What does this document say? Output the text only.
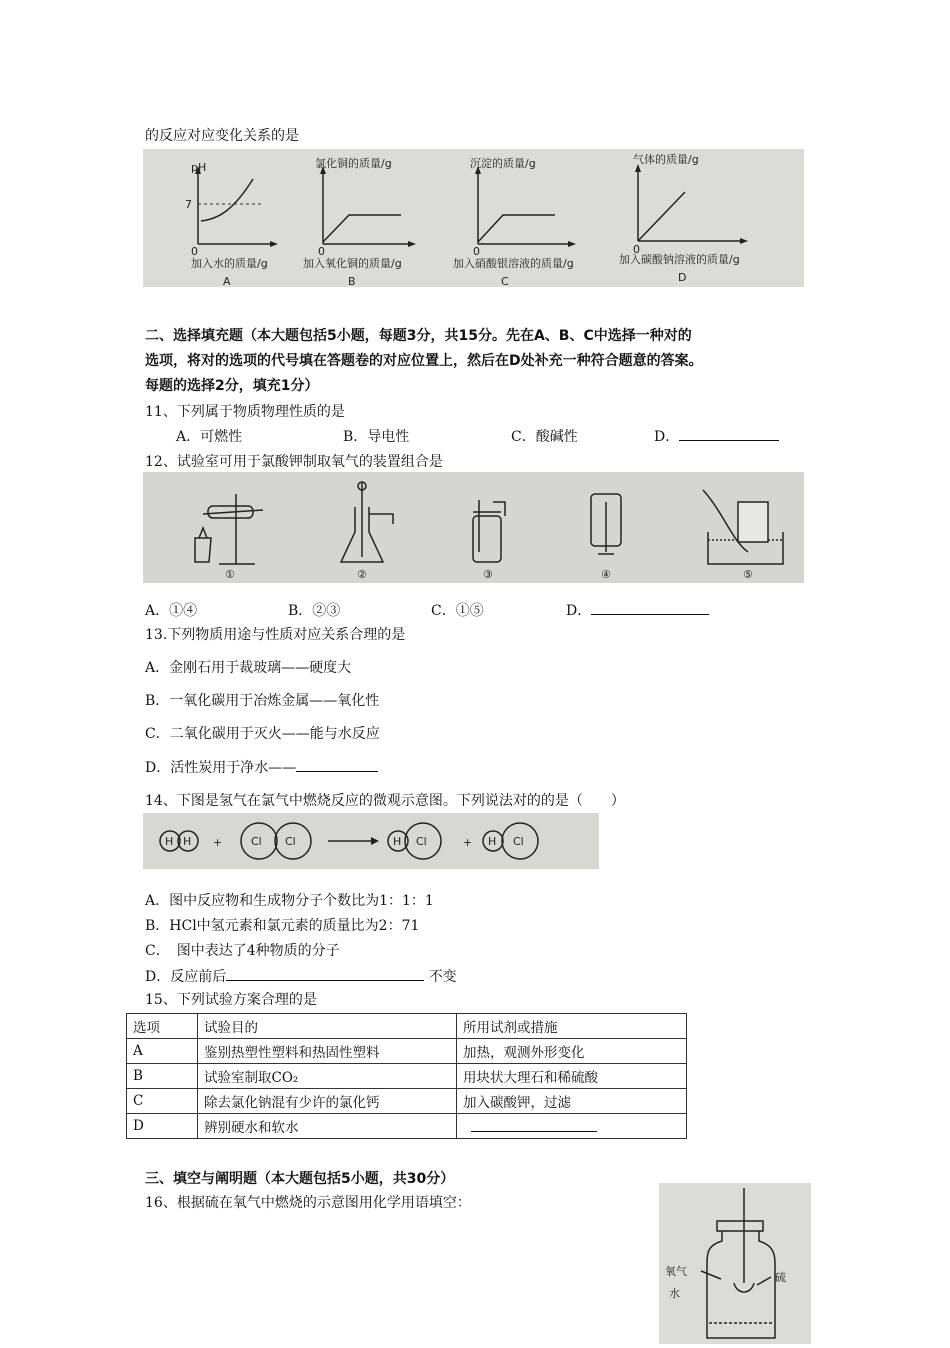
的反应对应变化关系的是
pH
7
0
加入水的质量/g
A
氯化铜的质量/g
0
加入氧化铜的质量/g
B
沉淀的质量/g
0
加入硝酸银溶液的质量/g
C
气体的质量/g
0
加入碳酸钠溶液的质量/g
D
二、选择填充题（本大题包括5小题，每题3分，共15分。先在A、B、C中选择一种对的
选项，将对的选项的代号填在答题卷的对应位置上，然后在D处补充一种符合题意的答案。
每题的选择2分，填充1分）
11、下列属于物质物理性质的是
A．可燃性	B．导电性	C．酸碱性	D．
12、试验室可用于氯酸钾制取氧气的装置组合是
①	②	③	④	⑤
A．①④	B．②③	C．①⑤	D．
13.下列物质用途与性质对应关系合理的是
A．金刚石用于裁玻璃——硬度大
B．一氧化碳用于冶炼金属——氧化性
C．二氧化碳用于灭火——能与水反应
D．活性炭用于净水——
14、下图是氢气在氯气中燃烧反应的微观示意图。下列说法对的的是（　　）
H H +	Cl Cl	H Cl	+ H Cl
A．图中反应物和生成物分子个数比为1：1：1
B．HCl中氢元素和氯元素的质量比为2：71
C．　图中表达了4种物质的分子
D．反应前后	不变
15、下列试验方案合理的是
选项	试验目的	所用试剂或措施
A	鉴别热塑性塑料和热固性塑料	加热，观测外形变化
B	试验室制取CO₂	用块状大理石和稀硫酸
C	除去氯化钠混有少许的氯化钙	加入碳酸钾，过滤
D	辨别硬水和软水	
三、填空与阐明题（本大题包括5小题，共30分）
16、根据硫在氧气中燃烧的示意图用化学用语填空：
氧气
水
硫
